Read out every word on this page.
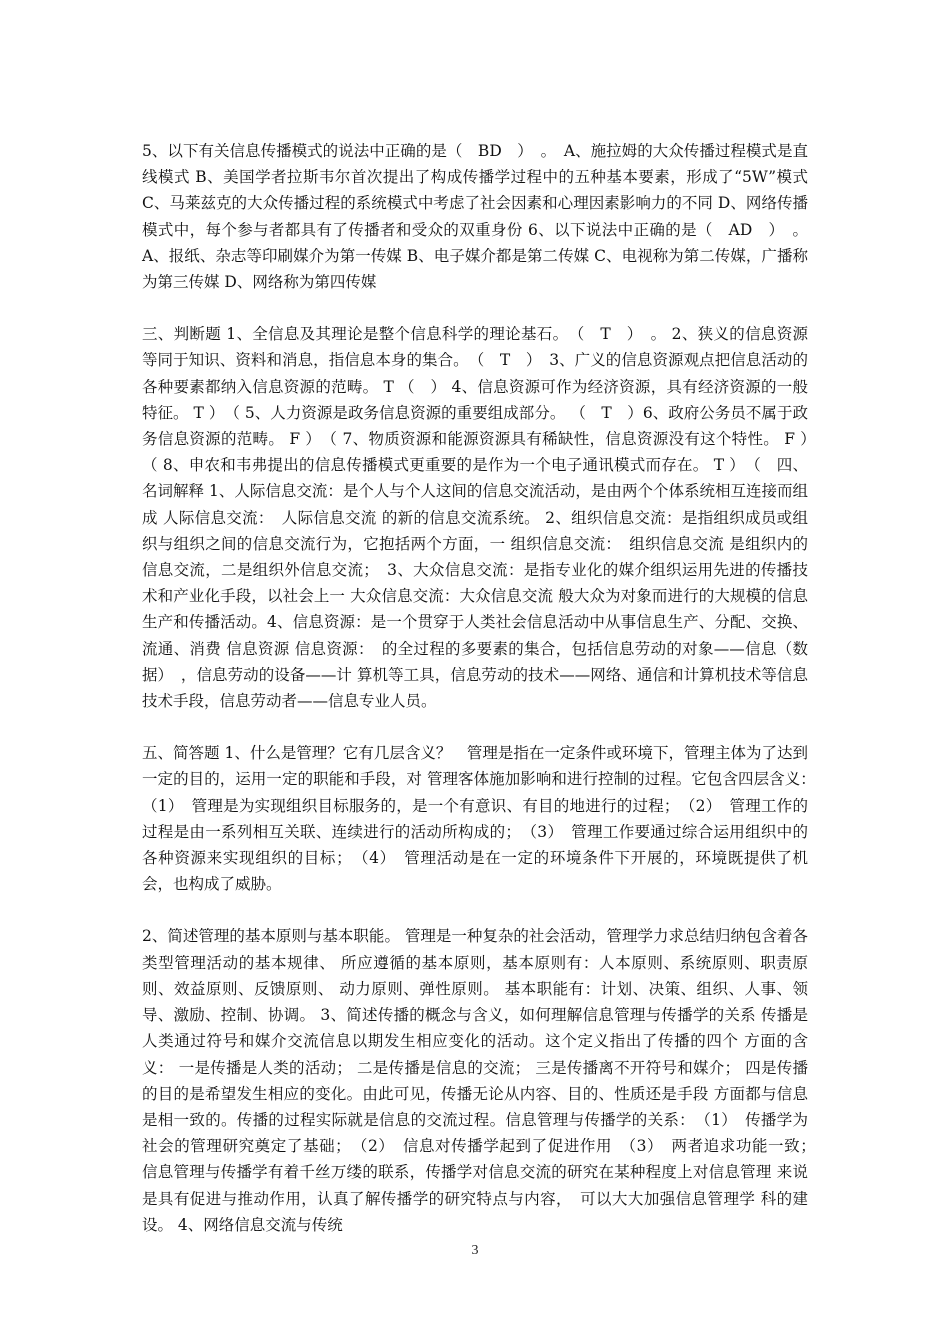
5、以下有关信息传播模式的说法中正确的是（　BD　）　。　A、施拉姆的大众传播过程模式是直线模式 B、美国学者拉斯韦尔首次提出了构成传播学过程中的五种基本要素，形成了“5W”模式 C、马莱兹克的大众传播过程的系统模式中考虑了社会因素和心理因素影响力的不同 D、网络传播模式中，每个参与者都具有了传播者和受众的双重身份 6、以下说法中正确的是（　AD　）　。A、报纸、杂志等印刷媒介为第一传媒 B、电子媒介都是第二传媒 C、电视称为第二传媒，广播称为第三传媒 D、网络称为第四传媒

三、判断题 1、全信息及其理论是整个信息科学的理论基石。　（　T　）　。 2、狭义的信息资源等同于知识、资料和消息，指信息本身的集合。　（　T　）　3、广义的信息资源观点把信息活动的各种要素都纳入信息资源的范畴。 T （　） 4、信息资源可作为经济资源，具有经济资源的一般特征。 T ）　（ 5、人力资源是政务信息资源的重要组成部分。 （　T　）6、政府公务员不属于政务信息资源的范畴。 F ）　（ 7、物质资源和能源资源具有稀缺性，信息资源没有这个特性。 F ）　（ 8、申农和韦弗提出的信息传播模式更重要的是作为一个电子通讯模式而存在。 T ）　（　四、名词解释 1、人际信息交流：是个人与个人这间的信息交流活动，是由两个个体系统相互连接而组成 人际信息交流：　人际信息交流 的新的信息交流系统。 2、组织信息交流：是指组织成员或组织与组织之间的信息交流行为，它抱括两个方面，一 组织信息交流：　组织信息交流 是组织内的信息交流，二是组织外信息交流；　3、大众信息交流：是指专业化的媒介组织运用先进的传播技术和产业化手段，以社会上一 大众信息交流：大众信息交流 般大众为对象而进行的大规模的信息生产和传播活动。4、信息资源：是一个贯穿于人类社会信息活动中从事信息生产、分配、交换、流通、消费 信息资源 信息资源：　的全过程的多要素的集合，包括信息劳动的对象——信息（数据）　，信息劳动的设备——计 算机等工具，信息劳动的技术——网络、通信和计算机技术等信息技术手段，信息劳动者——信息专业人员。

五、简答题 1、什么是管理？它有几层含义？　管理是指在一定条件或环境下，管理主体为了达到一定的目的，运用一定的职能和手段，对 管理客体施加影响和进行控制的过程。它包含四层含义：　（1）　管理是为实现组织目标服务的，是一个有意识、有目的地进行的过程；　（2）　管理工作的过程是由一系列相互关联、连续进行的活动所构成的；　（3）　管理工作要通过综合运用组织中的各种资源来实现组织的目标；　（4）　管理活动是在一定的环境条件下开展的，环境既提供了机会，也构成了威胁。

2、简述管理的基本原则与基本职能。 管理是一种复杂的社会活动，管理学力求总结归纳包含着各类型管理活动的基本规律、 所应遵循的基本原则，基本原则有：人本原则、系统原则、职责原则、效益原则、反馈原则、 动力原则、弹性原则。 基本职能有：计划、决策、组织、人事、领导、激励、控制、协调。 3、简述传播的概念与含义，如何理解信息管理与传播学的关系 传播是人类通过符号和媒介交流信息以期发生相应变化的活动。这个定义指出了传播的四个 方面的含义： 一是传播是人类的活动； 二是传播是信息的交流； 三是传播离不开符号和媒介； 四是传播的目的是希望发生相应的变化。由此可见，传播无论从内容、目的、性质还是手段 方面都与信息是相一致的。传播的过程实际就是信息的交流过程。信息管理与传播学的关系：　（1）　传播学为社会的管理研究奠定了基础；　（2）　信息对传播学起到了促进作用　（3）　两者追求功能一致；　信息管理与传播学有着千丝万缕的联系，传播学对信息交流的研究在某种程度上对信息管理 来说是具有促进与推动作用，认真了解传播学的研究特点与内容，　可以大大加强信息管理学 科的建设。 4、网络信息交流与传统

3
